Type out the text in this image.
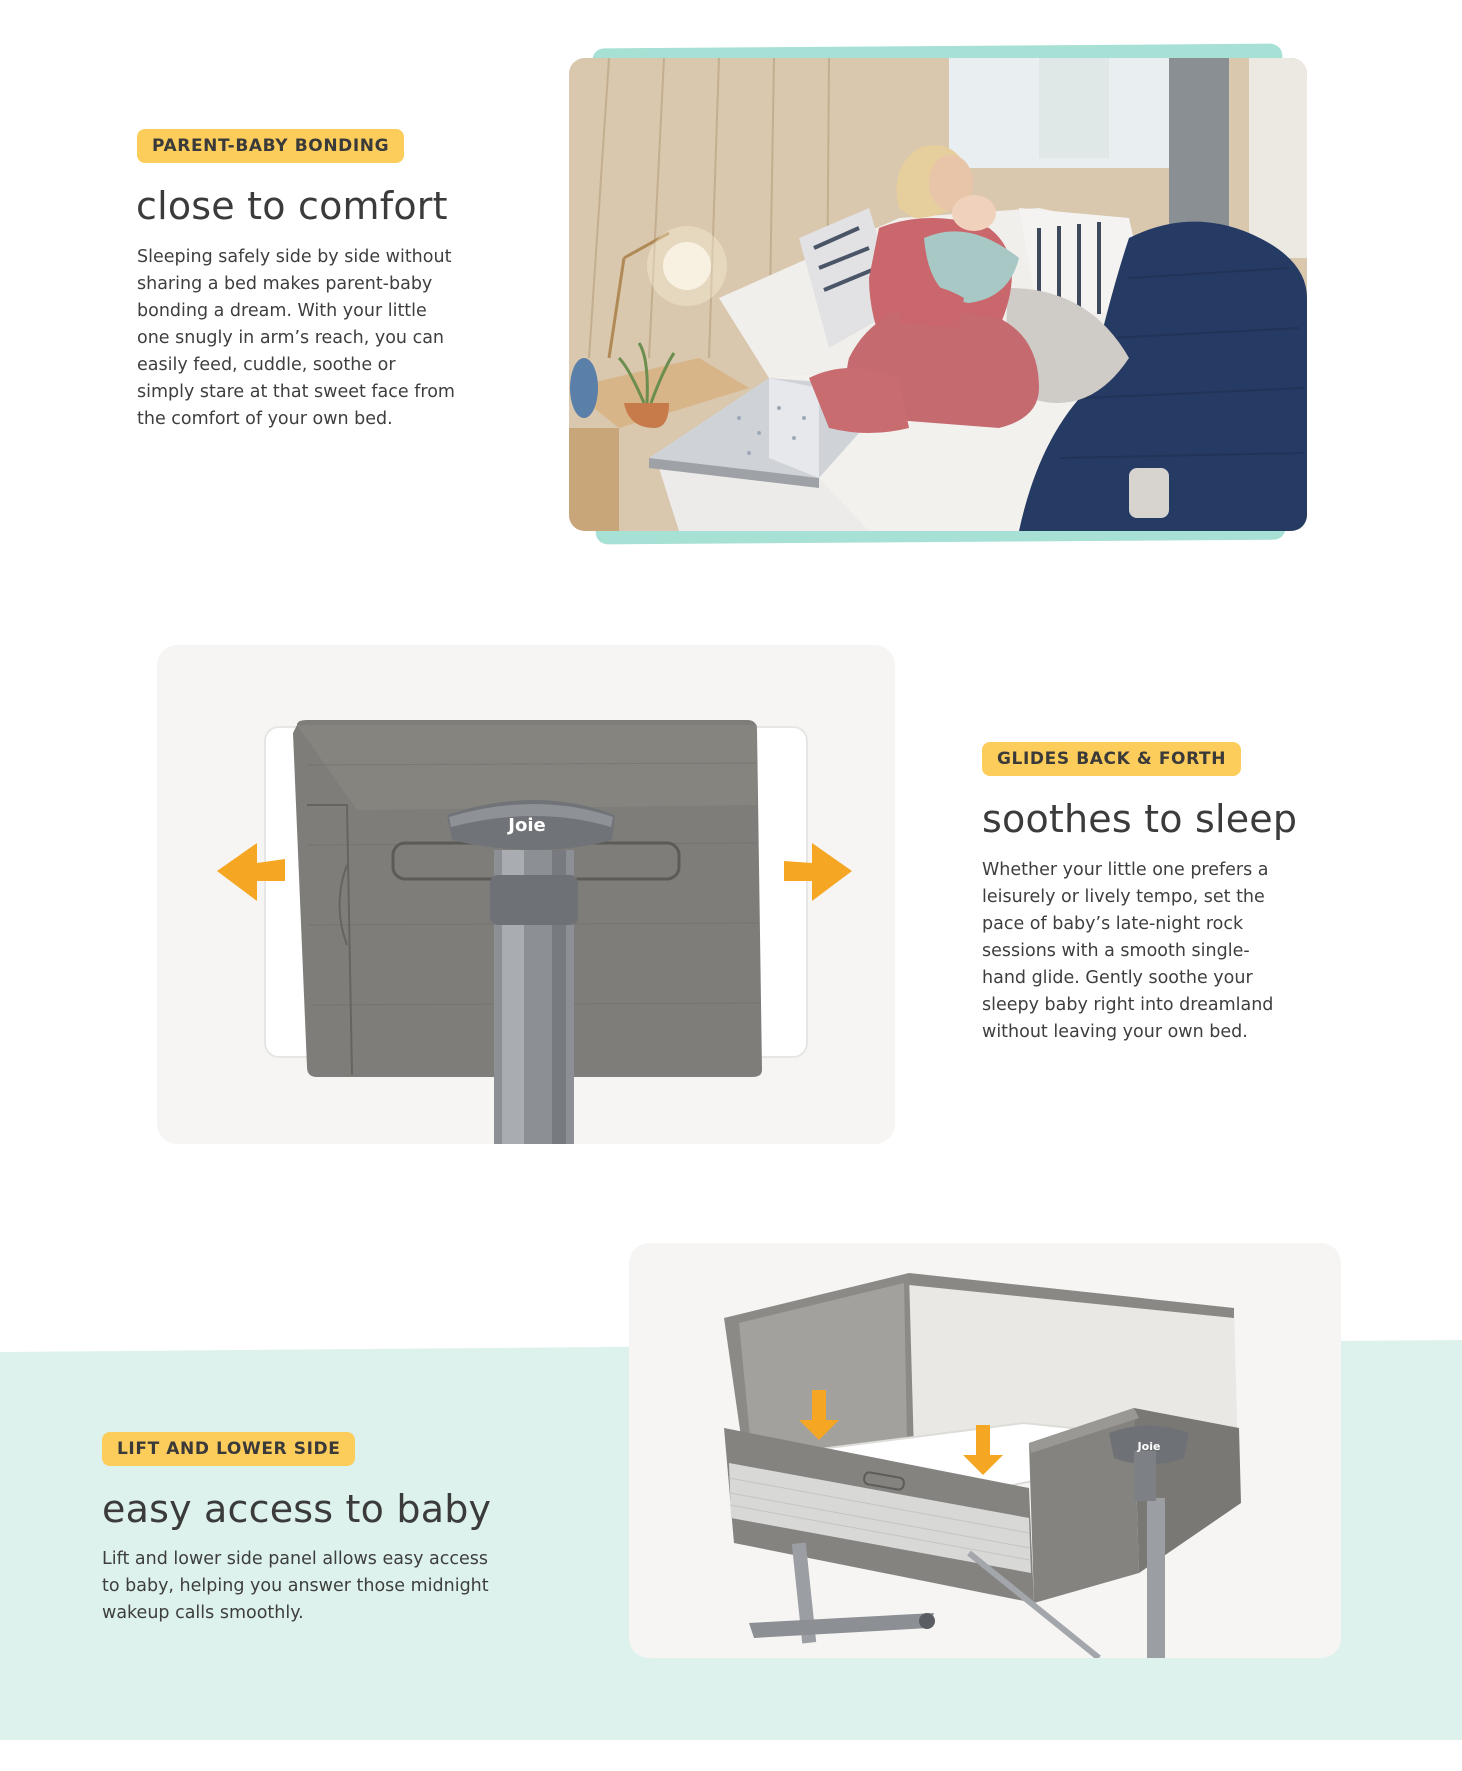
PARENT-BABY BONDING
close to comfort

Sleeping safely side by side without sharing a bed makes parent-baby bonding a dream. With your little one snugly in arm’s reach, you can easily feed, cuddle, soothe or simply stare at that sweet face from the comfort of your own bed.

Joie
GLIDES BACK & FORTH
soothes to sleep

Whether your little one prefers a leisurely or lively tempo, set the pace of baby’s late-night rock sessions with a smooth single-hand glide. Gently soothe your sleepy baby right into dreamland without leaving your own bed.

Joie
LIFT AND LOWER SIDE
easy access to baby

Lift and lower side panel allows easy access to baby, helping you answer those midnight wakeup calls smoothly.
